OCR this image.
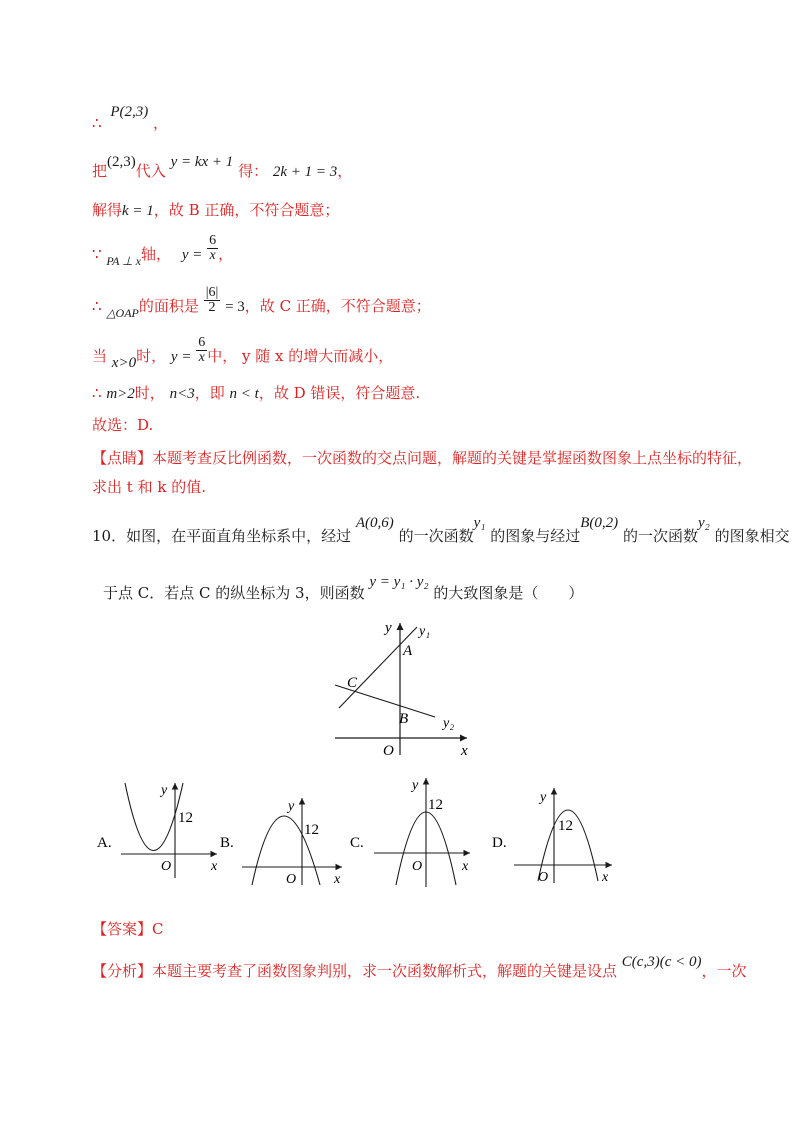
∴ P(2,3) ，
把(2,3)代入 y = kx + 1 得： 2k + 1 = 3，
解得k = 1，故 B 正确，不符合题意；
∵ $_{PA \perp x}$轴， $y = \frac{6}{x}$ ，
∴ $_{\triangle OAP}$的面积是 $\frac{|6|}{2} = 3$，故 C 正确，不符合题意；
当 x>0时， $y = \frac{6}{x}$ 中， y 随 x 的增大而减小，
∴ m>2时， n<3，即 n < t，故 D 错误，符合题意.
故选：D.
【点睛】本题考查反比例函数，一次函数的交点问题，解题的关键是掌握函数图象上点坐标的特征，
求出 t 和 k 的值.
10．如图，在平面直角坐标系中，经过 A(0,6) 的一次函数y₁ 的图象与经过B(0,2) 的一次函数y₂ 的图象相交
于点 C．若点 C 的纵坐标为 3，则函数 y = y₁ · y₂ 的大致图象是（　　）
y
x
O
A
B
C
y₁
y₂
A.
12
y
x
O
B.
12
y
x
O
C.
12
y
x
O
D.
12
y
x
O
【答案】C
【分析】本题主要考查了函数图象判别，求一次函数解析式，解题的关键是设点 C(c,3)(c < 0)，一次
